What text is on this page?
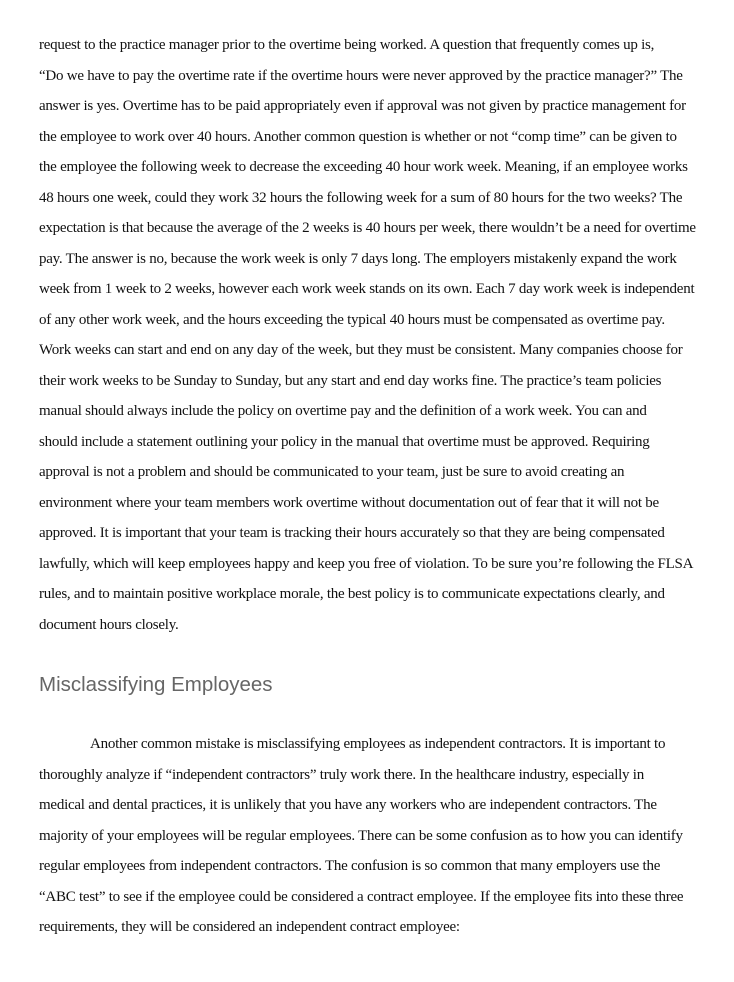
request to the practice manager prior to the overtime being worked. A question that frequently comes up is,
“Do we have to pay the overtime rate if the overtime hours were never approved by the practice manager?” The
answer is yes. Overtime has to be paid appropriately even if approval was not given by practice management for
the employee to work over 40 hours. Another common question is whether or not “comp time” can be given to
the employee the following week to decrease the exceeding 40 hour work week. Meaning, if an employee works
48 hours one week, could they work 32 hours the following week for a sum of 80 hours for the two weeks? The
expectation is that because the average of the 2 weeks is 40 hours per week, there wouldn’t be a need for overtime
pay. The answer is no, because the work week is only 7 days long. The employers mistakenly expand the work
week from 1 week to 2 weeks, however each work week stands on its own. Each 7 day work week is independent
of any other work week, and the hours exceeding the typical 40 hours must be compensated as overtime pay.
Work weeks can start and end on any day of the week, but they must be consistent. Many companies choose for
their work weeks to be Sunday to Sunday, but any start and end day works fine. The practice’s team policies
manual should always include the policy on overtime pay and the definition of a work week. You can and
should include a statement outlining your policy in the manual that overtime must be approved. Requiring
approval is not a problem and should be communicated to your team, just be sure to avoid creating an
environment where your team members work overtime without documentation out of fear that it will not be
approved. It is important that your team is tracking their hours accurately so that they are being compensated
lawfully, which will keep employees happy and keep you free of violation. To be sure you’re following the FLSA
rules, and to maintain positive workplace morale, the best policy is to communicate expectations clearly, and
document hours closely.
Misclassifying Employees
Another common mistake is misclassifying employees as independent contractors. It is important to
thoroughly analyze if “independent contractors” truly work there. In the healthcare industry, especially in
medical and dental practices, it is unlikely that you have any workers who are independent contractors. The
majority of your employees will be regular employees. There can be some confusion as to how you can identify
regular employees from independent contractors. The confusion is so common that many employers use the
“ABC test” to see if the employee could be considered a contract employee. If the employee fits into these three
requirements, they will be considered an independent contract employee:
